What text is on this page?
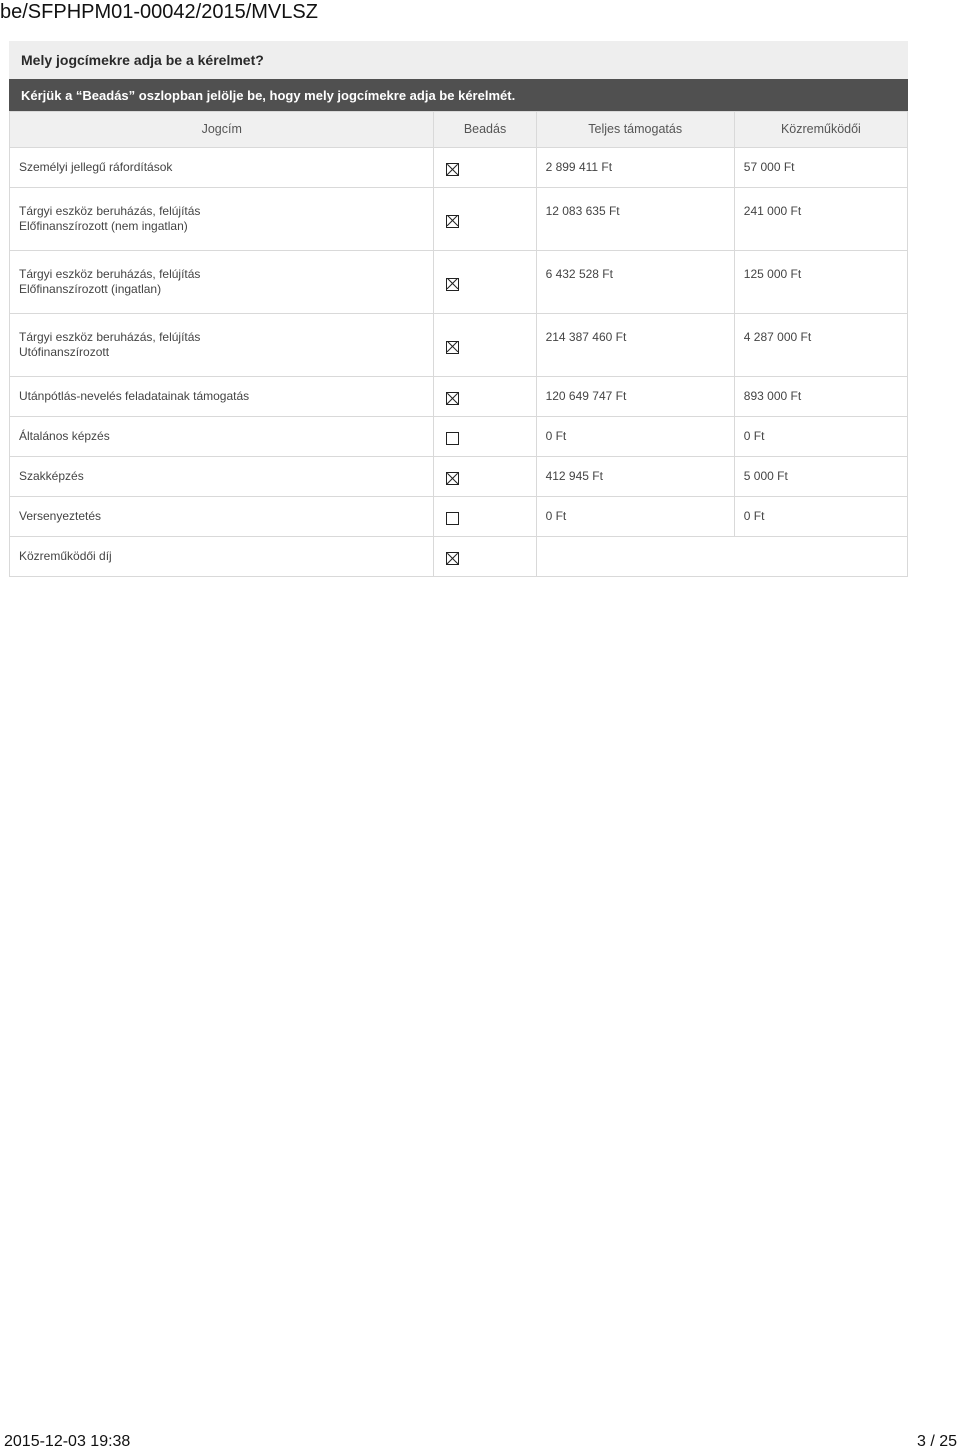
be/SFPHPM01-00042/2015/MVLSZ
Mely jogcímekre adja be a kérelmet?
Kérjük a “Beadás” oszlopban jelölje be, hogy mely jogcímekre adja be kérelmét.
Jogcím	Beadás	Teljes támogatás	Közreműködői

Személyi jellegű ráfordítások		2 899 411 Ft	57 000 Ft

Tárgyi eszköz beruházás, felújítás
Előfinanszírozott (nem ingatlan)		12 083 635 Ft	241 000 Ft

Tárgyi eszköz beruházás, felújítás
Előfinanszírozott (ingatlan)		6 432 528 Ft	125 000 Ft

Tárgyi eszköz beruházás, felújítás
Utófinanszírozott		214 387 460 Ft	4 287 000 Ft

Utánpótlás-nevelés feladatainak támogatás		120 649 747 Ft	893 000 Ft

Általános képzés		0 Ft	0 Ft

Szakképzés		412 945 Ft	5 000 Ft

Versenyeztetés		0 Ft	0 Ft

Közreműködői díj			

2015-12-03 19:38	3 / 25
